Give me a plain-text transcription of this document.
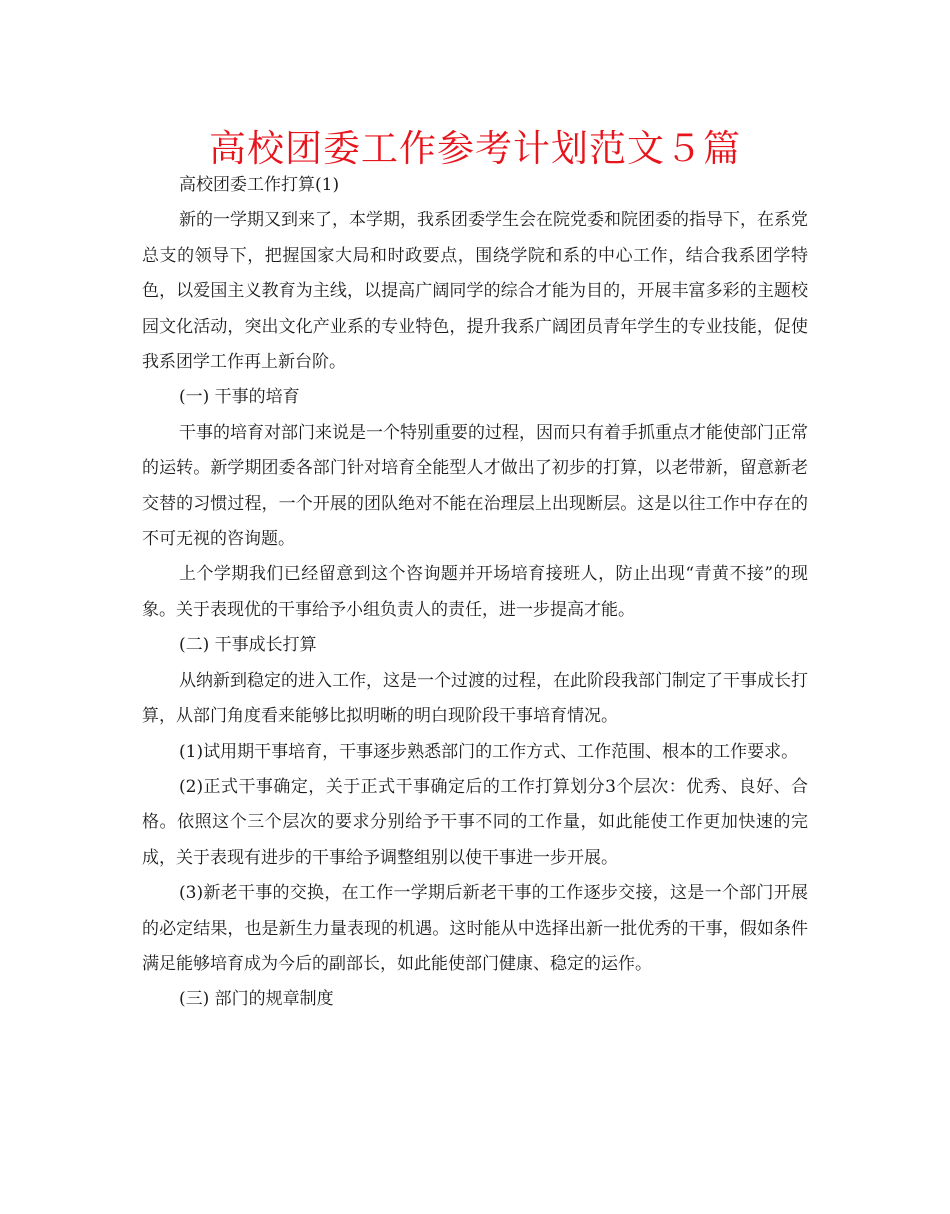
高校团委工作参考计划范文５篇

高校团委工作打算(1)

新的一学期又到来了，本学期，我系团委学生会在院党委和院团委的指导下，在系党总支的领导下，把握国家大局和时政要点，围绕学院和系的中心工作，结合我系团学特色，以爱国主义教育为主线，以提高广阔同学的综合才能为目的，开展丰富多彩的主题校园文化活动，突出文化产业系的专业特色，提升我系广阔团员青年学生的专业技能，促使我系团学工作再上新台阶。

(一) 干事的培育

干事的培育对部门来说是一个特别重要的过程，因而只有着手抓重点才能使部门正常的运转。新学期团委各部门针对培育全能型人才做出了初步的打算，以老带新，留意新老交替的习惯过程，一个开展的团队绝对不能在治理层上出现断层。这是以往工作中存在的不可无视的咨询题。

上个学期我们已经留意到这个咨询题并开场培育接班人，防止出现“青黄不接”的现象。关于表现优的干事给予小组负责人的责任，进一步提高才能。

(二) 干事成长打算

从纳新到稳定的进入工作，这是一个过渡的过程，在此阶段我部门制定了干事成长打算，从部门角度看来能够比拟明晰的明白现阶段干事培育情况。

(1)试用期干事培育，干事逐步熟悉部门的工作方式、工作范围、根本的工作要求。

(2)正式干事确定，关于正式干事确定后的工作打算划分3个层次：优秀、良好、合格。依照这个三个层次的要求分别给予干事不同的工作量，如此能使工作更加快速的完成，关于表现有进步的干事给予调整组别以使干事进一步开展。

(3)新老干事的交换，在工作一学期后新老干事的工作逐步交接，这是一个部门开展的必定结果，也是新生力量表现的机遇。这时能从中选择出新一批优秀的干事，假如条件满足能够培育成为今后的副部长，如此能使部门健康、稳定的运作。

(三) 部门的规章制度
